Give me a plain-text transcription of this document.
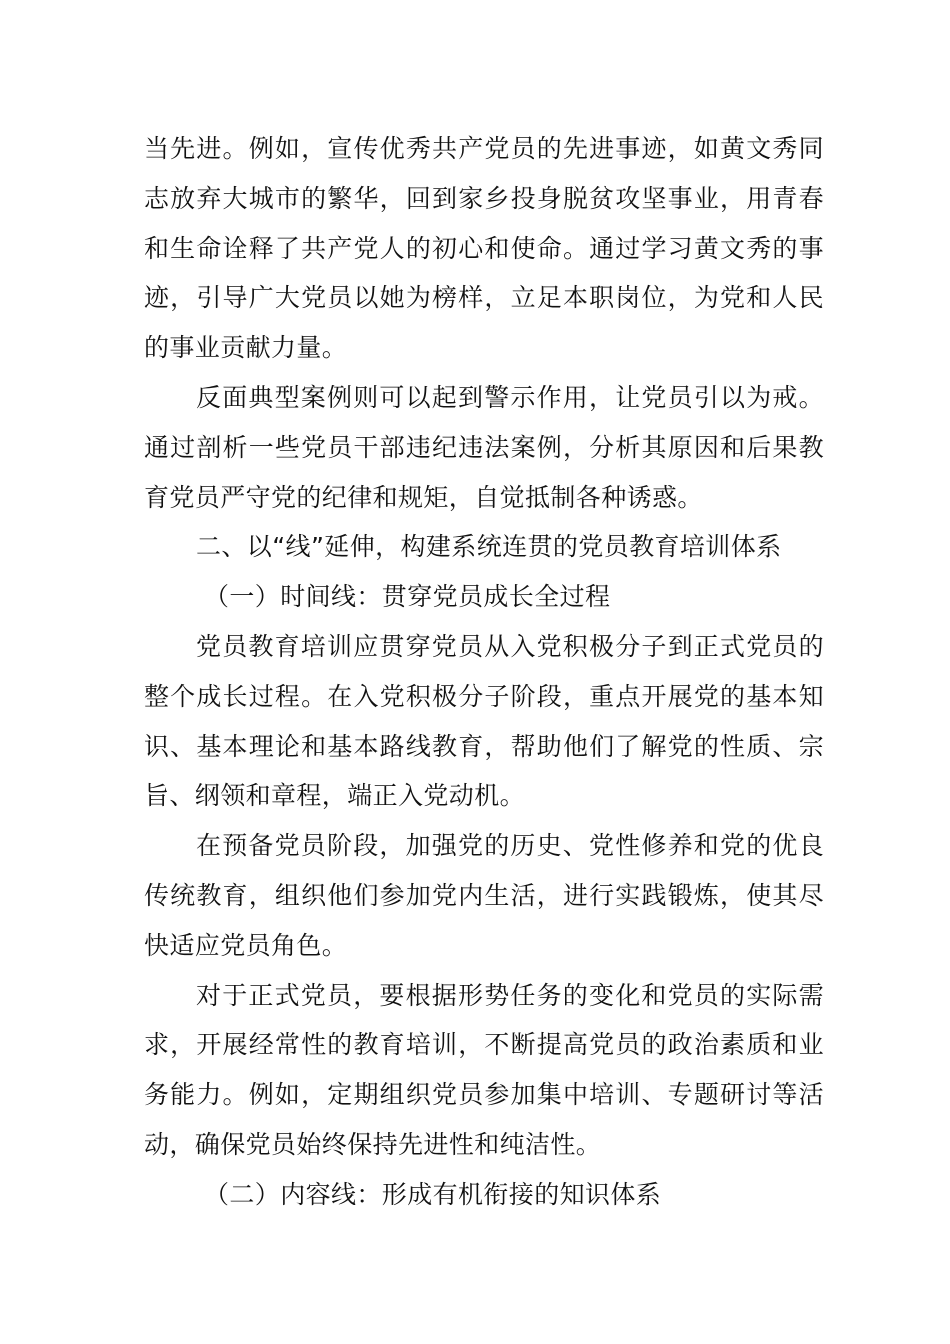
当先进。例如，宣传优秀共产党员的先进事迹，如黄文秀同志放弃大城市的繁华，回到家乡投身脱贫攻坚事业，用青春和生命诠释了共产党人的初心和使命。通过学习黄文秀的事迹，引导广大党员以她为榜样，立足本职岗位，为党和人民的事业贡献力量。

反面典型案例则可以起到警示作用，让党员引以为戒。通过剖析一些党员干部违纪违法案例，分析其原因和后果教育党员严守党的纪律和规矩，自觉抵制各种诱惑。

二、以“线”延伸，构建系统连贯的党员教育培训体系

（一）时间线：贯穿党员成长全过程

党员教育培训应贯穿党员从入党积极分子到正式党员的整个成长过程。在入党积极分子阶段，重点开展党的基本知识、基本理论和基本路线教育，帮助他们了解党的性质、宗旨、纲领和章程，端正入党动机。

在预备党员阶段，加强党的历史、党性修养和党的优良传统教育，组织他们参加党内生活，进行实践锻炼，使其尽快适应党员角色。

对于正式党员，要根据形势任务的变化和党员的实际需求，开展经常性的教育培训，不断提高党员的政治素质和业务能力。例如，定期组织党员参加集中培训、专题研讨等活动，确保党员始终保持先进性和纯洁性。

（二）内容线：形成有机衔接的知识体系
